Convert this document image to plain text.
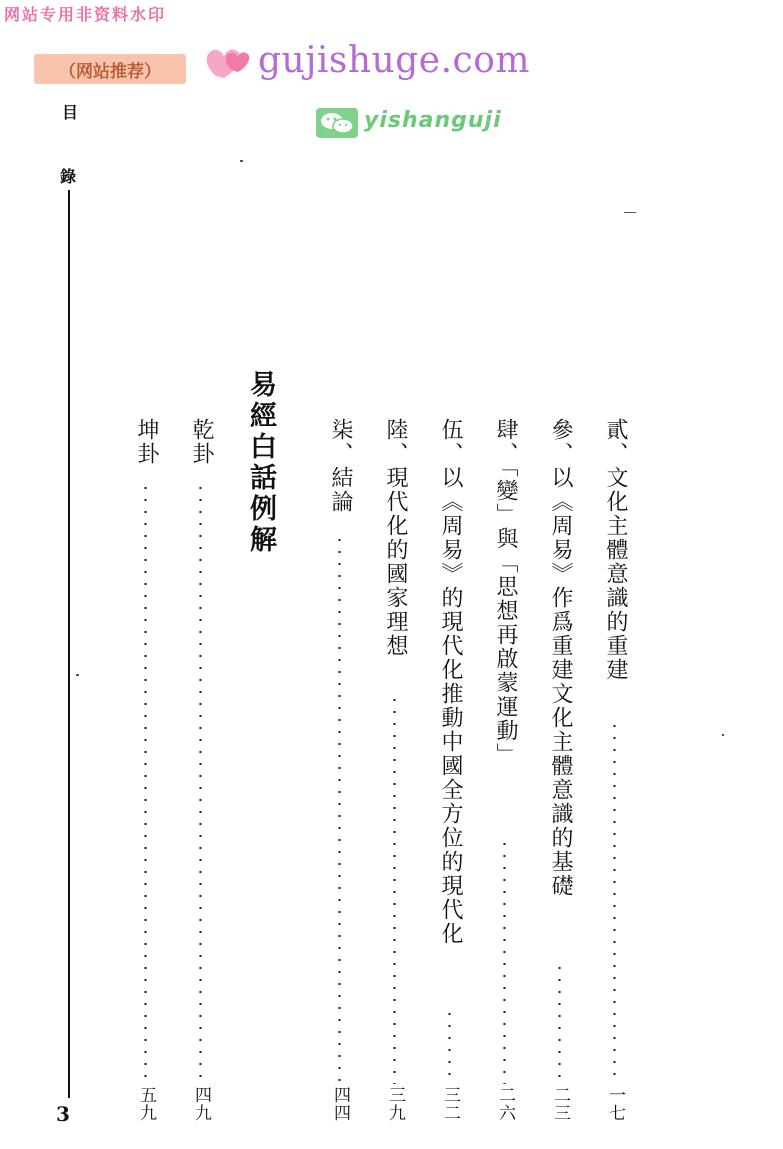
网站专用非资料水印
（网站推荐）	gujishuge.com
yishanguji
目
錄
3
貳、文化主體意識的重建
一七
參、以《周易》作爲重建文化主體意識的基礎
二三
肆、「變」與「思想再啟蒙運動」
二六
伍、以《周易》的現代化推動中國全方位的現代化
三二
陸、現代化的國家理想
三九
柒、結論
四四
易經白話例解
乾卦
四九
坤卦
五九
